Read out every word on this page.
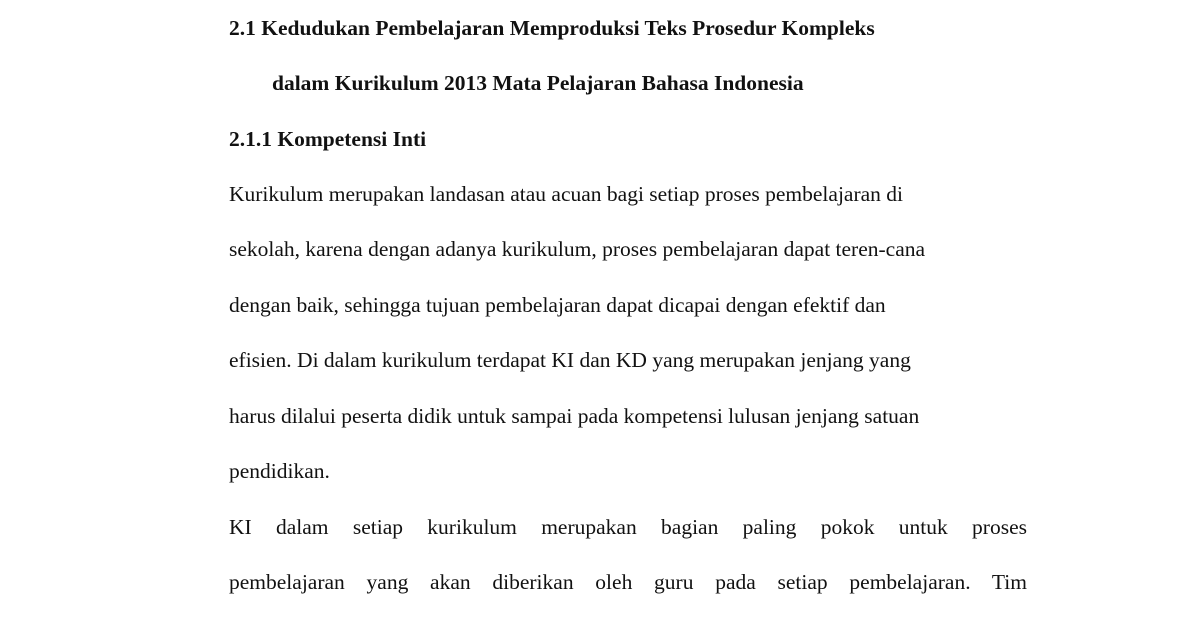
2.1 Kedudukan Pembelajaran Memproduksi Teks Prosedur Kompleks
dalam Kurikulum 2013 Mata Pelajaran Bahasa Indonesia
2.1.1 Kompetensi Inti
Kurikulum merupakan landasan atau acuan bagi setiap proses pembelajaran di
sekolah, karena dengan adanya kurikulum, proses pembelajaran dapat teren-cana
dengan baik, sehingga tujuan pembelajaran dapat dicapai dengan efektif dan
efisien. Di dalam kurikulum terdapat KI dan KD yang merupakan jenjang yang
harus dilalui peserta didik untuk sampai pada kompetensi lulusan jenjang satuan
pendidikan.
KI dalam setiap kurikulum merupakan bagian paling pokok untuk proses
pembelajaran yang akan diberikan oleh guru pada setiap pembelajaran. Tim
